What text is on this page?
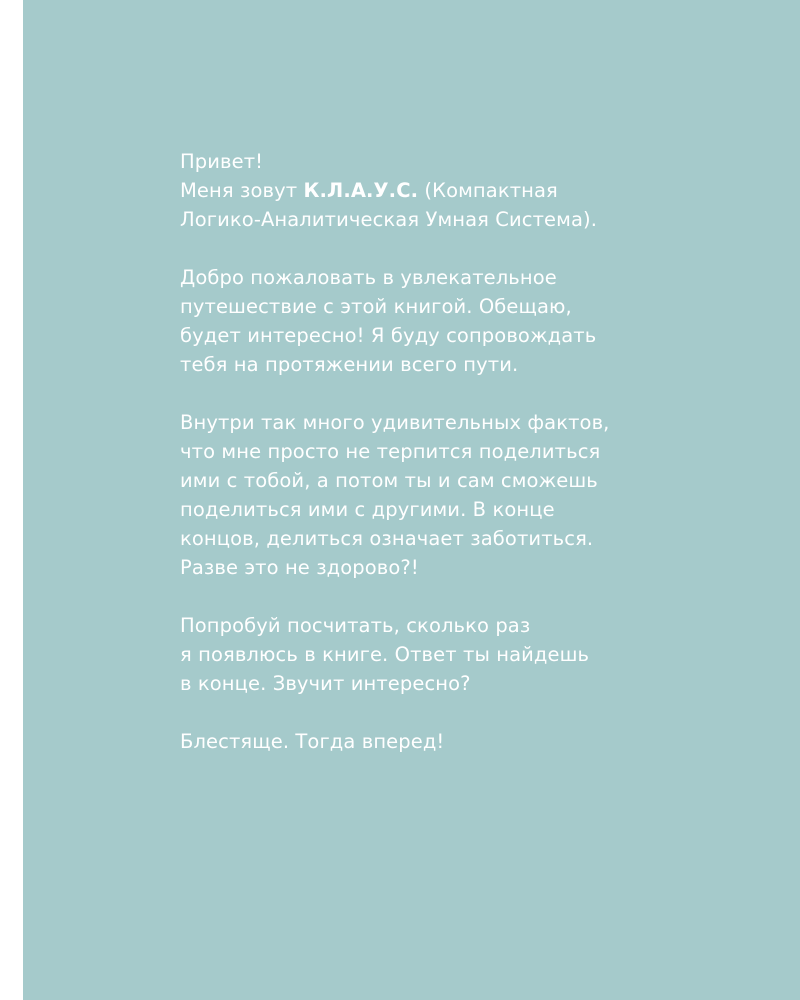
Привет!
Меня зовут К.Л.А.У.С. (Компактная
Логико-Аналитическая Умная Система).

Добро пожаловать в увлекательное
путешествие с этой книгой. Обещаю,
будет интересно! Я буду сопровождать
тебя на протяжении всего пути.

Внутри так много удивительных фактов,
что мне просто не терпится поделиться
ими с тобой, а потом ты и сам сможешь
поделиться ими с другими. В конце
концов, делиться означает заботиться.
Разве это не здорово?!

Попробуй посчитать, сколько раз
я появлюсь в книге. Ответ ты найдешь
в конце. Звучит интересно?

Блестяще. Тогда вперед!
